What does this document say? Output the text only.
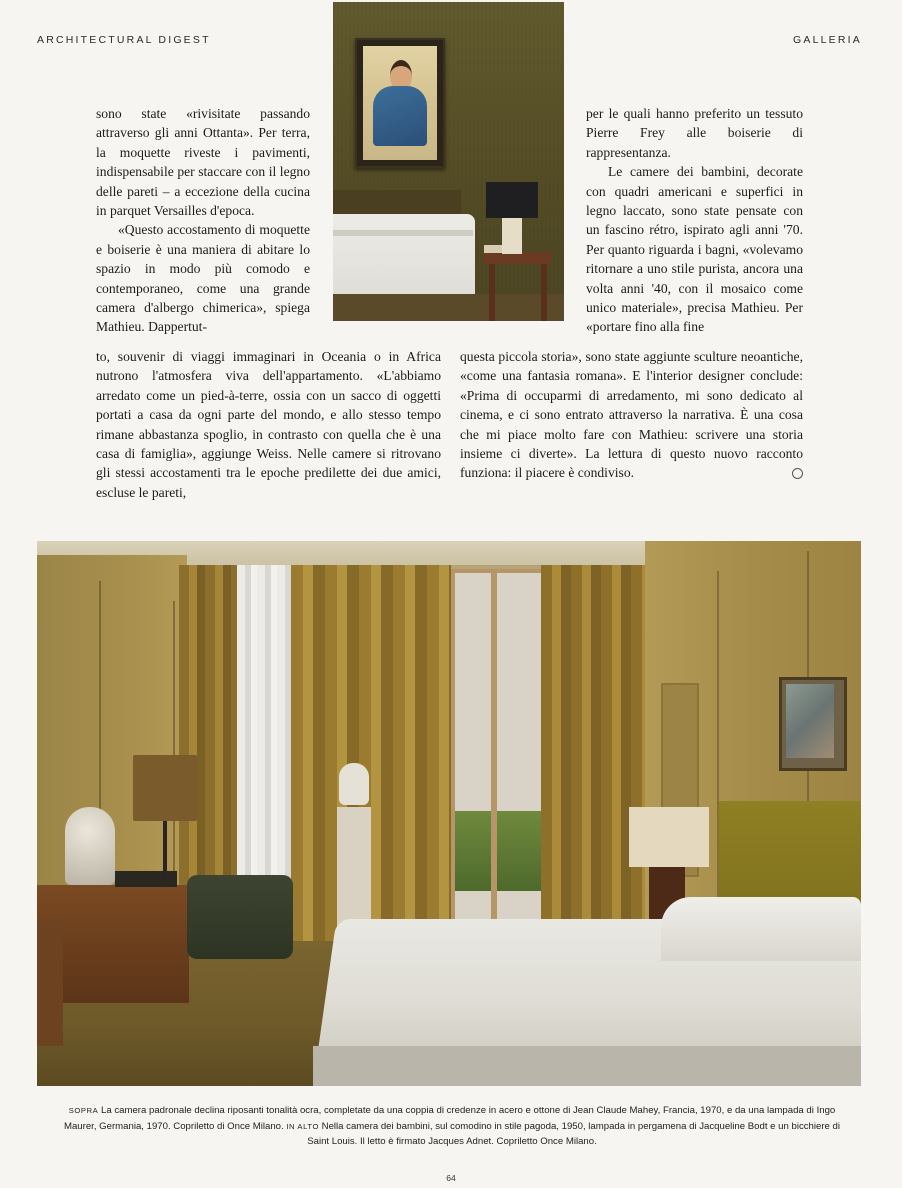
ARCHITECTURAL DIGEST	GALLERIA

sono state «rivisitate passando attraverso gli anni Ottanta». Per terra, la moquette riveste i pavimenti, indispensabile per staccare con il legno delle pareti – a eccezione della cucina in parquet Versailles d'epoca.

«Questo accostamento di moquette e boiserie è una maniera di abitare lo spazio in modo più comodo e contemporaneo, come una grande camera d'albergo chimerica», spiega Mathieu. Dappertut-

to, souvenir di viaggi immaginari in Oceania o in Africa nutrono l'atmosfera viva dell'appartamento. «L'abbiamo arredato come un pied-à-terre, ossia con un sacco di oggetti portati a casa da ogni parte del mondo, e allo stesso tempo rimane abbastanza spoglio, in contrasto con quella che è una casa di famiglia», aggiunge Weiss. Nelle camere si ritrovano gli stessi accostamenti tra le epoche predilette dei due amici, escluse le pareti,

per le quali hanno preferito un tessuto Pierre Frey alle boiserie di rappresentanza.

Le camere dei bambini, decorate con quadri americani e superfici in legno laccato, sono state pensate con un fascino rétro, ispirato agli anni '70. Per quanto riguarda i bagni, «volevamo ritornare a uno stile purista, ancora una volta anni '40, con il mosaico come unico materiale», precisa Mathieu. Per «portare fino alla fine

questa piccola storia», sono state aggiunte sculture neoantiche, «come una fantasia romana». E l'interior designer conclude: «Prima di occuparmi di arredamento, mi sono dedicato al cinema, e ci sono entrato attraverso la narrativa. È una cosa che mi piace molto fare con Mathieu: scrivere una storia insieme ci diverte». La lettura di questo nuovo racconto funziona: il piacere è condiviso.

SOPRA La camera padronale declina riposanti tonalità ocra, completate da una coppia di credenze in acero e ottone di Jean Claude Mahey, Francia, 1970, e da una lampada di Ingo Maurer, Germania, 1970. Copriletto di Once Milano. IN ALTO Nella camera dei bambini, sul comodino in stile pagoda, 1950, lampada in pergamena di Jacqueline Bodt e un bicchiere di Saint Louis. Il letto è firmato Jacques Adnet. Copriletto Once Milano.
64
